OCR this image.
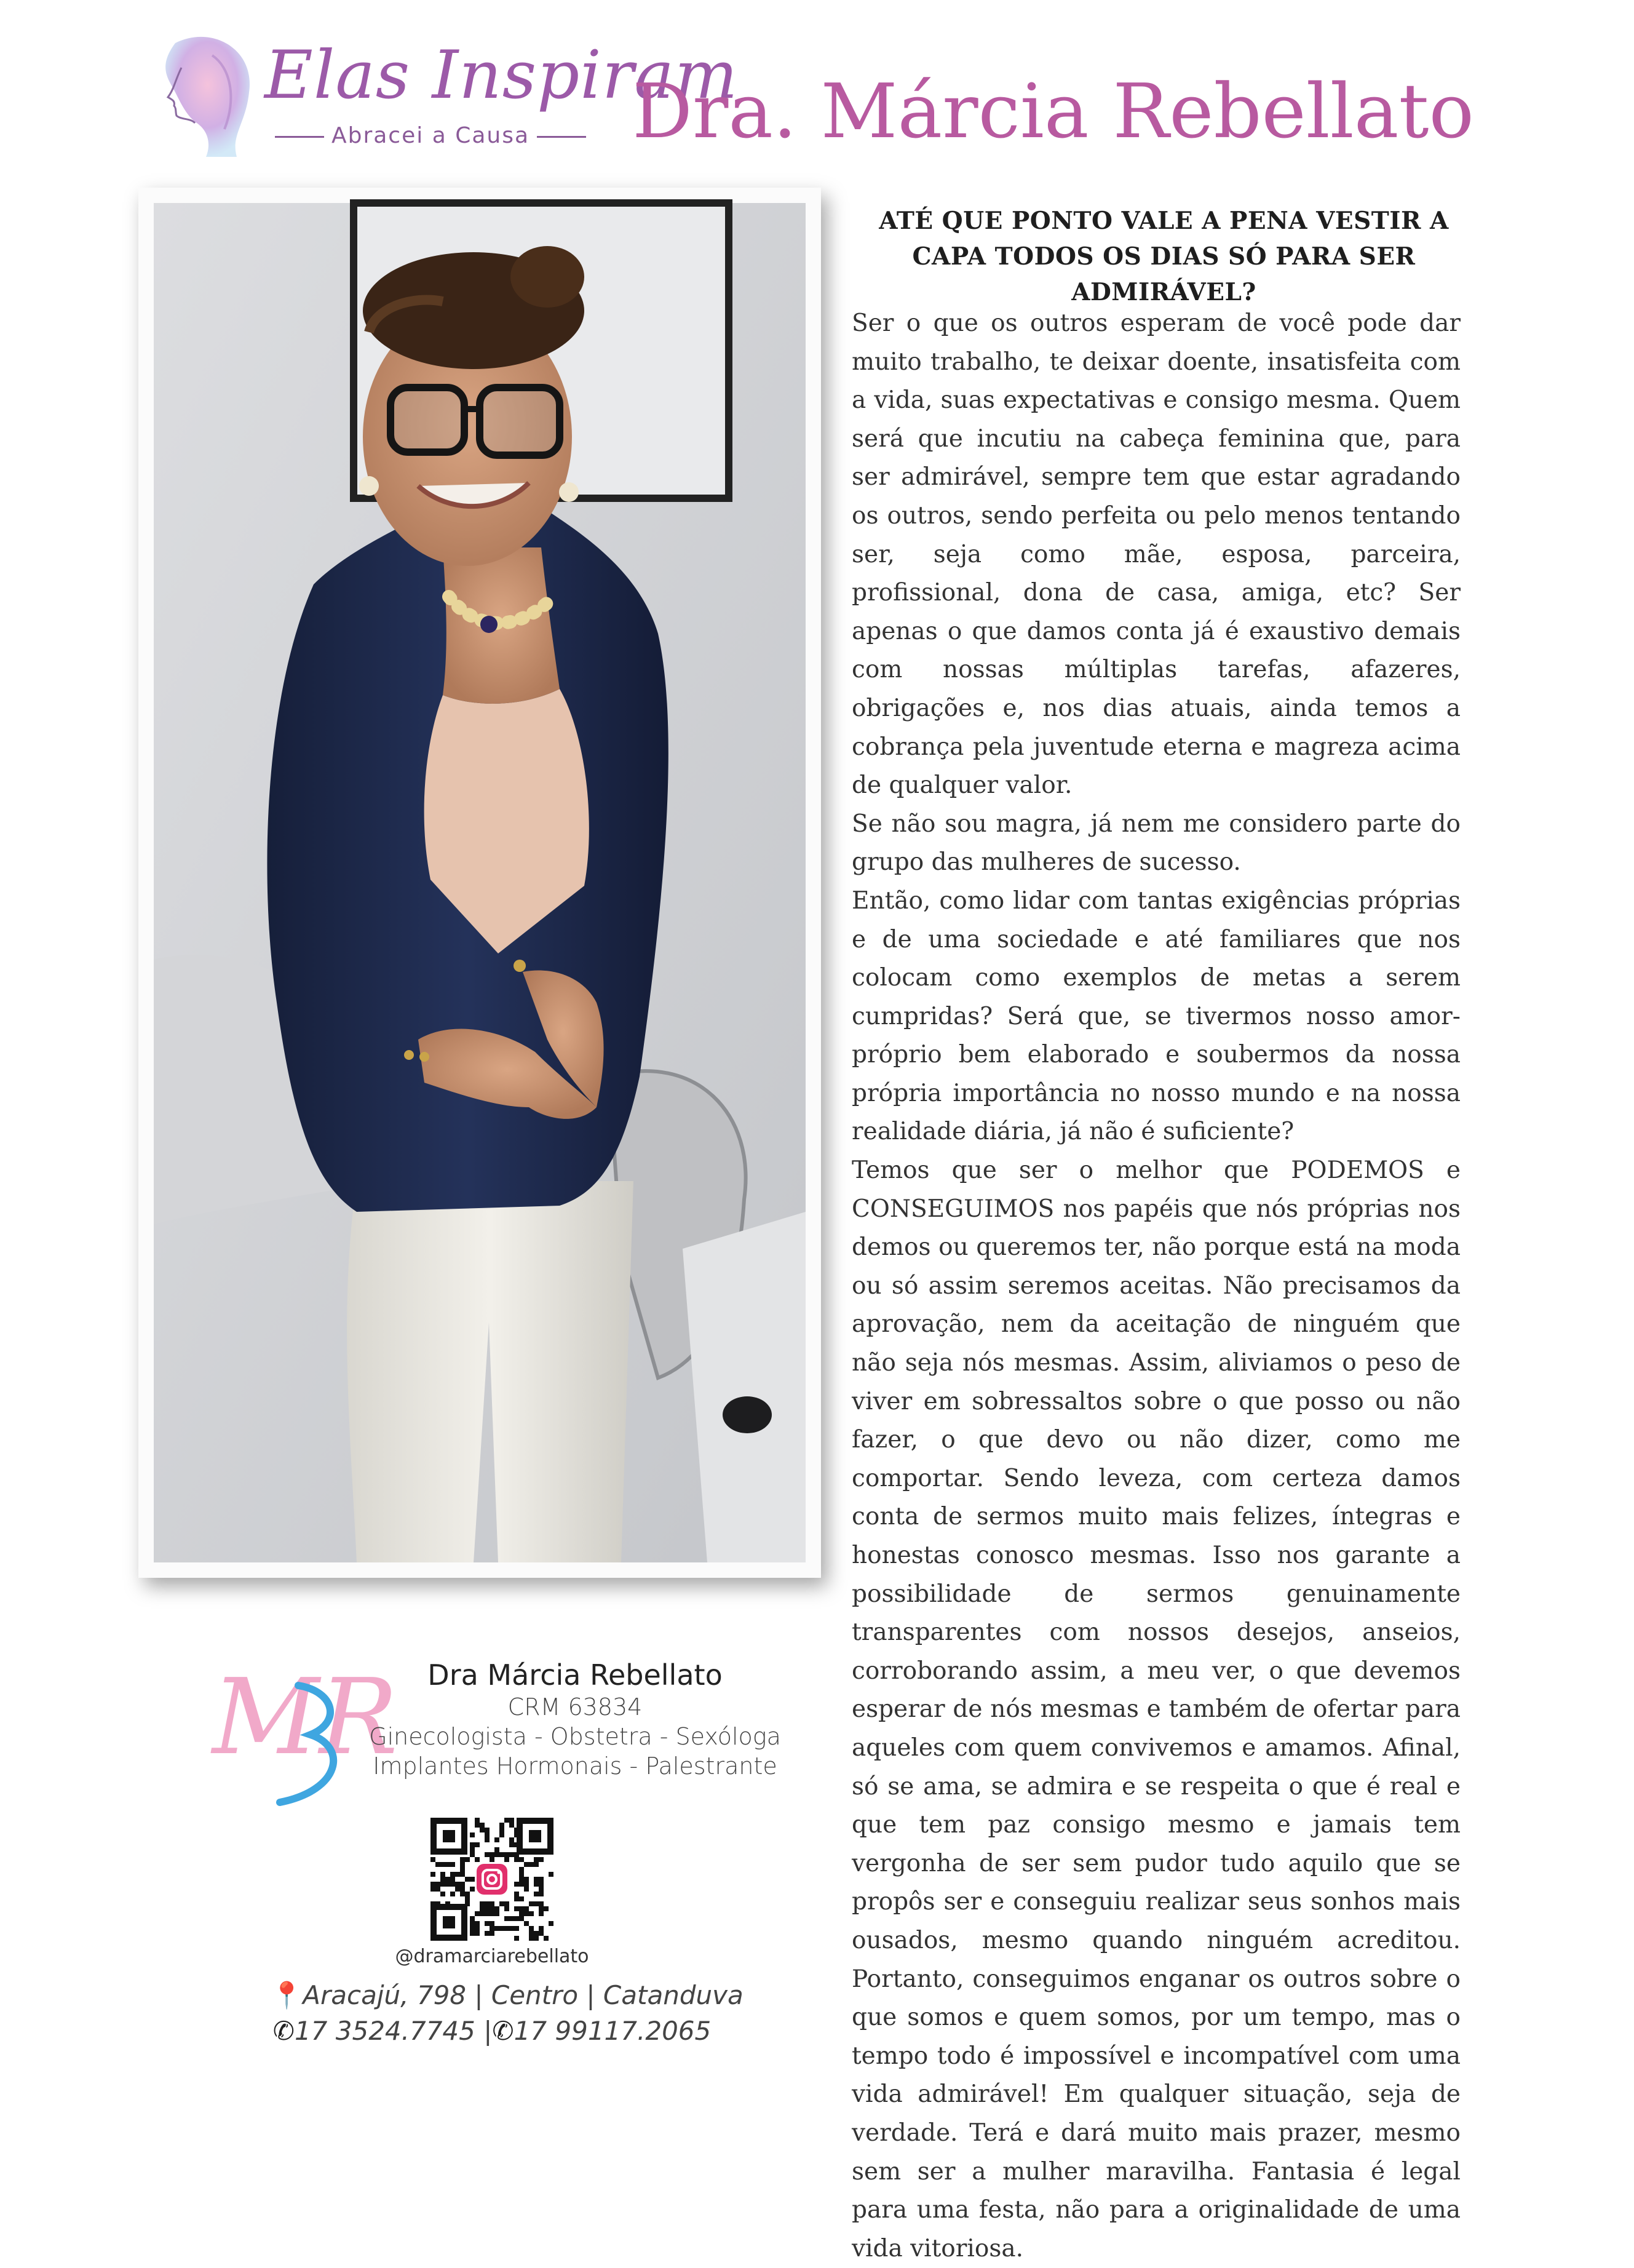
Elas Inspiram
Abracei a Causa	Dra. Márcia Rebellato
MR	Dra Márcia Rebellato
CRM 63834
Ginecologista - Obstetra - Sexóloga
Implantes Hormonais - Palestrante
@dramarciarebellato
📍Aracajú, 798 | Centro | Catanduva
✆17 3524.7745 |✆17 99117.2065
ATÉ QUE PONTO VALE A PENA VESTIR A
CAPA TODOS OS DIAS SÓ PARA SER ADMIRÁVEL?

Ser o que os outros esperam de você pode dar muito trabalho, te deixar doente, insatisfeita com a vida, suas expectativas e consigo mesma. Quem será que incutiu na cabeça feminina que, para ser admirável, sempre tem que estar agradando os outros, sendo perfeita ou pelo menos tentando ser, seja como mãe, esposa, parceira, profissional, dona de casa, amiga, etc? Ser apenas o que damos conta já é exaustivo demais com nossas múltiplas tarefas, afazeres, obrigações e, nos dias atuais, ainda temos a cobrança pela juventude eterna e magreza acima de qualquer valor.

Se não sou magra, já nem me considero parte do grupo das mulheres de sucesso.

Então, como lidar com tantas exigências próprias e de uma sociedade e até familiares que nos colocam como exemplos de metas a serem cumpridas? Será que, se tivermos nosso amor-próprio bem elaborado e soubermos da nossa própria importância no nosso mundo e na nossa realidade diária, já não é suficiente?

Temos que ser o melhor que PODEMOS e CONSEGUIMOS nos papéis que nós próprias nos demos ou queremos ter, não porque está na moda ou só assim seremos aceitas. Não precisamos da aprovação, nem da aceitação de ninguém que não seja nós mesmas. Assim, aliviamos o peso de viver em sobressaltos sobre o que posso ou não fazer, o que devo ou não dizer, como me comportar. Sendo leveza, com certeza damos conta de sermos muito mais felizes, íntegras e honestas conosco mesmas. Isso nos garante a possibilidade de sermos genuinamente transparentes com nossos desejos, anseios, corroborando assim, a meu ver, o que devemos esperar de nós mesmas e também de ofertar para aqueles com quem convivemos e amamos. Afinal, só se ama, se admira e se respeita o que é real e que tem paz consigo mesmo e jamais tem vergonha de ser sem pudor tudo aquilo que se propôs ser e conseguiu realizar seus sonhos mais ousados, mesmo quando ninguém acreditou. Portanto, conseguimos enganar os outros sobre o que somos e quem somos, por um tempo, mas o tempo todo é impossível e incompatível com uma vida admirável! Em qualquer situação, seja de verdade. Terá e dará muito mais prazer, mesmo sem ser a mulher maravilha. Fantasia é legal para uma festa, não para a originalidade de uma vida vitoriosa.
